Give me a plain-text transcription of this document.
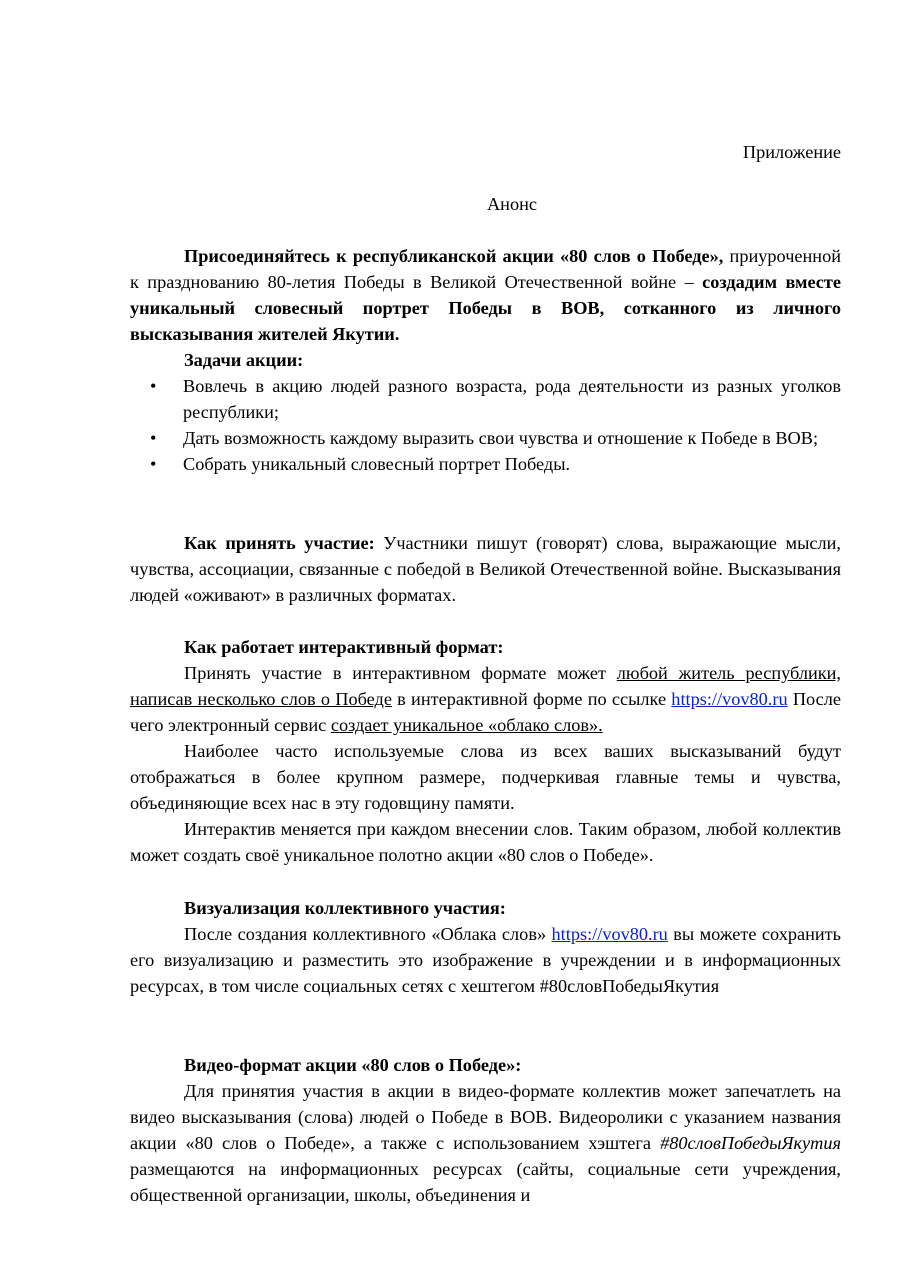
Приложение

Анонс

Присоединяйтесь к республиканской акции «80 слов о Победе», приуроченной к празднованию 80-летия Победы в Великой Отечественной войне – создадим вместе уникальный словесный портрет Победы в ВОВ, сотканного из личного высказывания жителей Якутии.

Задачи акции:

• Вовлечь в акцию людей разного возраста, рода деятельности из разных уголков республики;
• Дать возможность каждому выразить свои чувства и отношение к Победе в ВОВ;
• Собрать уникальный словесный портрет Победы.

Как принять участие: Участники пишут (говорят) слова, выражающие мысли, чувства, ассоциации, связанные с победой в Великой Отечественной войне. Высказывания людей «оживают» в различных форматах.

Как работает интерактивный формат:

Принять участие в интерактивном формате может любой житель республики, написав несколько слов о Победе в интерактивной форме по ссылке https://vov80.ru После чего электронный сервис создает уникальное «облако слов».

Наиболее часто используемые слова из всех ваших высказываний будут отображаться в более крупном размере, подчеркивая главные темы и чувства, объединяющие всех нас в эту годовщину памяти.

Интерактив меняется при каждом внесении слов. Таким образом, любой коллектив может создать своё уникальное полотно акции «80 слов о Победе».

Визуализация коллективного участия:

После создания коллективного «Облака слов» https://vov80.ru вы можете сохранить его визуализацию и разместить это изображение в учреждении и в информационных ресурсах, в том числе социальных сетях с хештегом #80словПобедыЯкутия

Видео-формат акции «80 слов о Победе»:

Для принятия участия в акции в видео-формате коллектив может запечатлеть на видео высказывания (слова) людей о Победе в ВОВ. Видеоролики с указанием названия акции «80 слов о Победе», а также с использованием хэштега #80словПобедыЯкутия размещаются на информационных ресурсах (сайты, социальные сети учреждения, общественной организации, школы, объединения и
